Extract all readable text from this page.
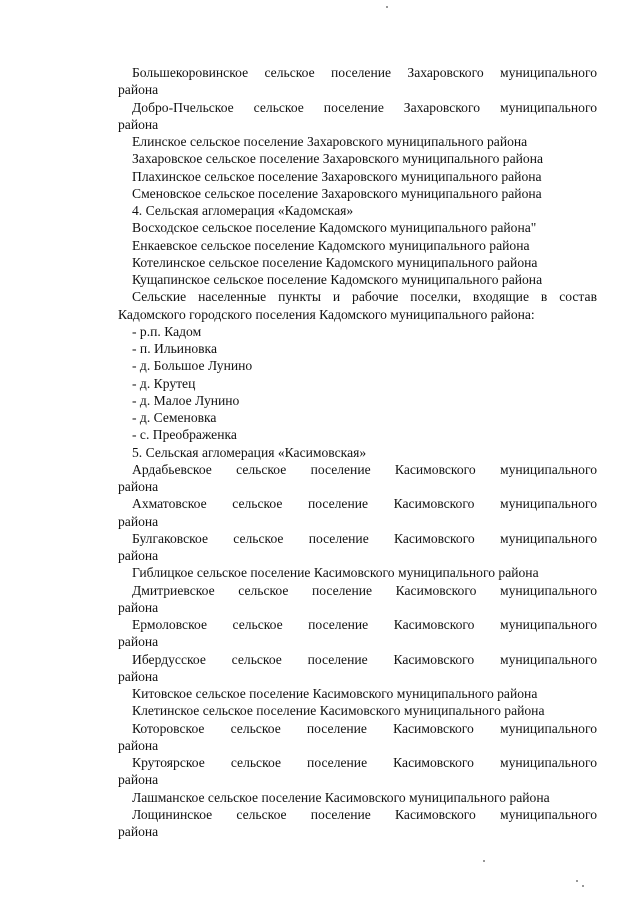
Большекоровинское сельское поселение Захаровского муниципального
района
Добро-Пчельское сельское поселение Захаровского муниципального
района
Елинское сельское поселение Захаровского муниципального района
Захаровское сельское поселение Захаровского муниципального района
Плахинское сельское поселение Захаровского муниципального района
Сменовское сельское поселение Захаровского муниципального района
4. Сельская агломерация «Кадомская»
Восходское сельское поселение Кадомского муниципального района"
Енкаевское сельское поселение Кадомского муниципального района
Котелинское сельское поселение Кадомского муниципального района
Кущапинское сельское поселение Кадомского муниципального района
Сельские населенные пункты и рабочие поселки, входящие в состав
Кадомского городского поселения Кадомского муниципального района:
- р.п. Кадом
- п. Ильиновка
- д. Большое Лунино
- д. Крутец
- д. Малое Лунино
- д. Семеновка
- с. Преображенка
5. Сельская агломерация «Касимовская»
Ардабьевское сельское поселение Касимовского муниципального
района
Ахматовское сельское поселение Касимовского муниципального
района
Булгаковское сельское поселение Касимовского муниципального
района
Гиблицкое сельское поселение Касимовского муниципального района
Дмитриевское сельское поселение Касимовского муниципального
района
Ермоловское сельское поселение Касимовского муниципального
района
Ибердусское сельское поселение Касимовского муниципального
района
Китовское сельское поселение Касимовского муниципального района
Клетинское сельское поселение Касимовского муниципального района
Которовское сельское поселение Касимовского муниципального
района
Крутоярское сельское поселение Касимовского муниципального
района
Лашманское сельское поселение Касимовского муниципального района
Лощининское сельское поселение Касимовского муниципального
района
